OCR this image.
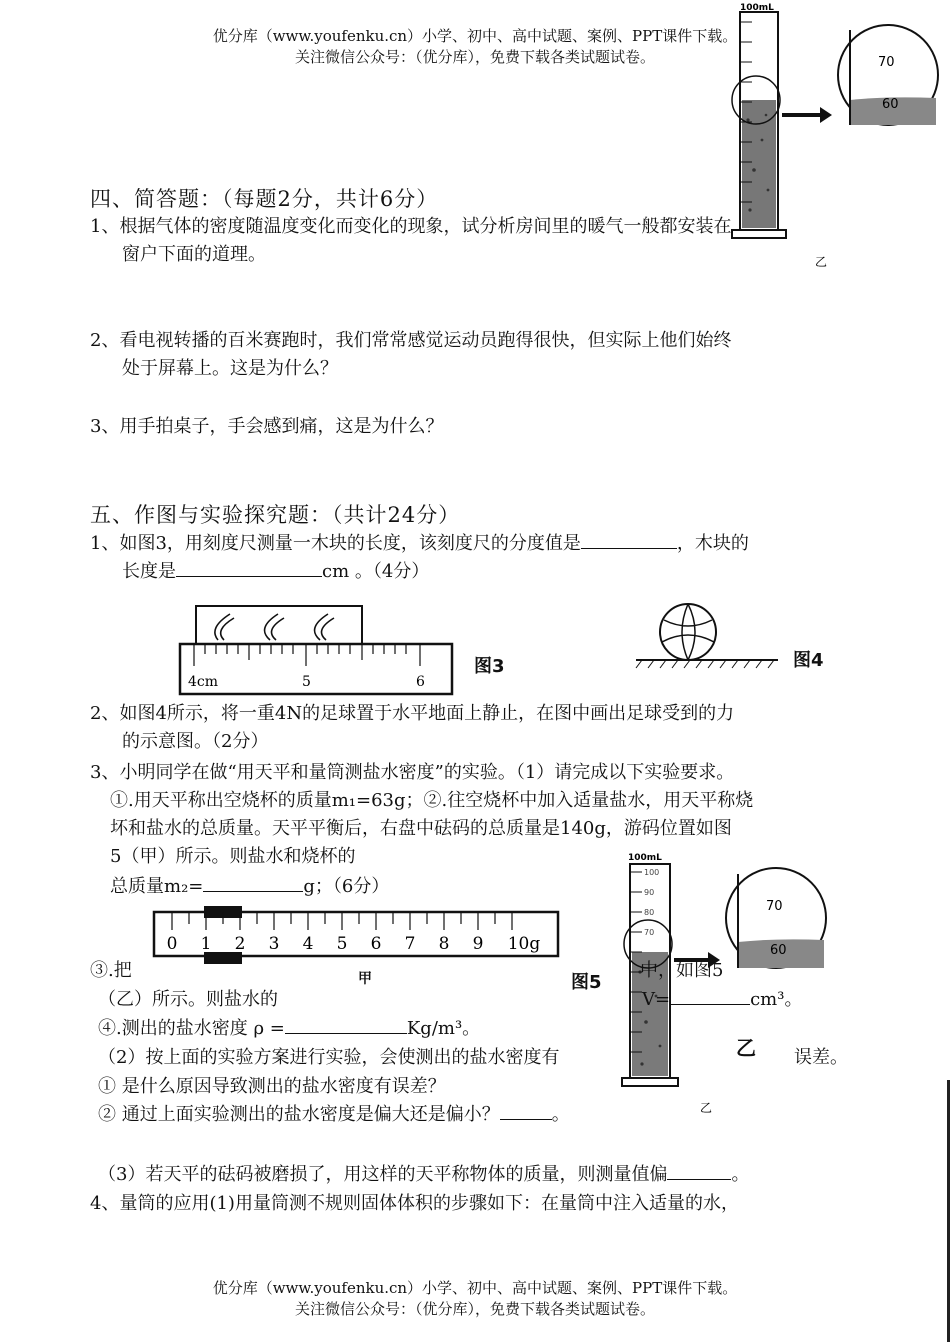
优分库（www.youfenku.cn）小学、初中、高中试题、案例、PPT课件下载。
关注微信公众号：（优分库），免费下载各类试题试卷。
100mL
70
60
乙
四、简答题：（每题2分，共计6分）
1、根据气体的密度随温度变化而变化的现象，试分析房间里的暖气一般都安装在
窗户下面的道理。
2、看电视转播的百米赛跑时，我们常常感觉运动员跑得很快，但实际上他们始终
处于屏幕上。这是为什么？
3、用手拍桌子，手会感到痛，这是为什么？
五、作图与实验探究题：（共计24分）
1、如图3，用刻度尺测量一木块的长度，该刻度尺的分度值是	，木块的
长度是	cm 。（4分）
4cm	5	6
图3	图4
2、如图4所示，将一重4N的足球置于水平地面上静止，在图中画出足球受到的力
的示意图。（2分）
3、小明同学在做“用天平和量筒测盐水密度”的实验。（1）请完成以下实验要求。
①.用天平称出空烧杯的质量m₁=63g；②.往空烧杯中加入适量盐水，用天平称烧
坏和盐水的总质量。天平平衡后，右盘中砝码的总质量是140g，游码位置如图
5（甲）所示。则盐水和烧杯的
总质量m₂=	g；（6分）
0 1 2 3 4 5 6 7 8 9 10g
甲	图5
100mL
100
90
80
70
70
60
乙
乙
③.把	中，如图5
（乙）所示。则盐水的	V=	cm³。
④.测出的盐水密度 ρ =	Kg/m³。
（2）按上面的实验方案进行实验，会使测出的盐水密度有	误差。
① 是什么原因导致测出的盐水密度有误差？
② 通过上面实验测出的盐水密度是偏大还是偏小？	。
（3）若天平的砝码被磨损了，用这样的天平称物体的质量，则测量值偏	。
4、量筒的应用(1)用量筒测不规则固体体积的步骤如下：在量筒中注入适量的水，
优分库（www.youfenku.cn）小学、初中、高中试题、案例、PPT课件下载。
关注微信公众号：（优分库），免费下载各类试题试卷。
